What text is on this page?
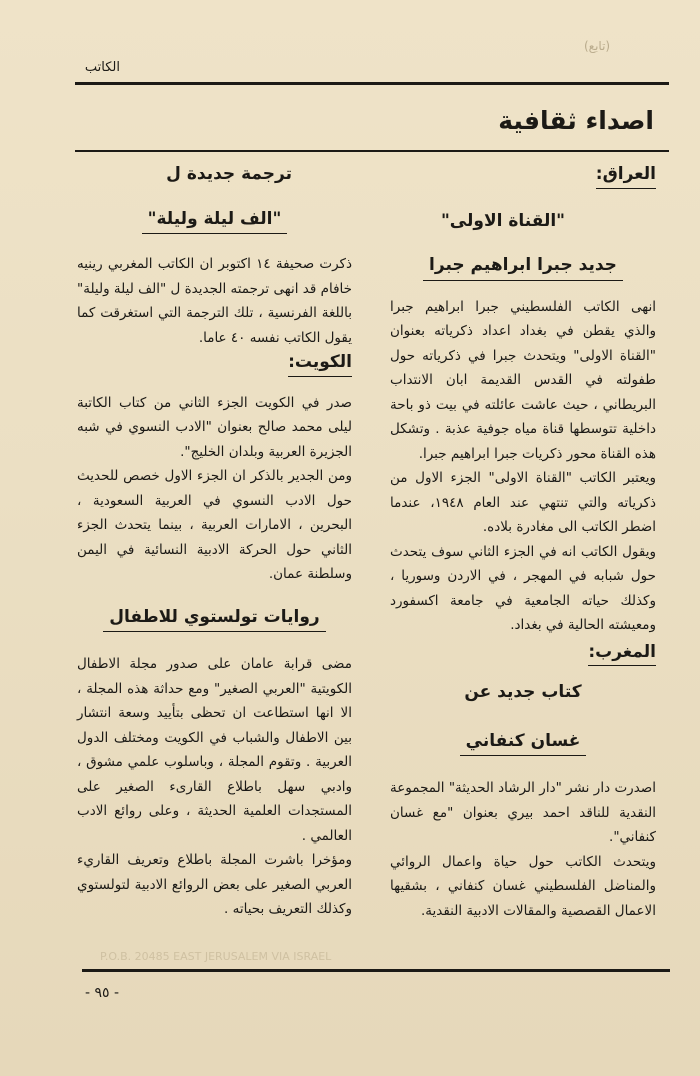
(تابع)
الكاتب
اصداء ثقافية
العراق:
"القناة الاولى"
جديد جبرا ابراهيم جبرا

انهى الكاتب الفلسطيني جبرا ابراهيم جبرا والذي يقطن في بغداد اعداد ذكرياته بعنوان "القناة الاولى" ويتحدث جبرا في ذكرياته حول طفولته في القدس القديمة ابان الانتداب البريطاني ، حيث عاشت عائلته في بيت ذو باحة داخلية تتوسطها قناة مياه جوفية عذبة . وتشكل هذه القناة محور ذكريات جبرا ابراهيم جبرا.

ويعتبر الكاتب "القناة الاولى" الجزء الاول من ذكرياته والتي تنتهي عند العام ١٩٤٨، عندما اضطر الكاتب الى مغادرة بلاده.

ويقول الكاتب انه في الجزء الثاني سوف يتحدث حول شبابه في المهجر ، في الاردن وسوريا ، وكذلك حياته الجامعية في جامعة اكسفورد ومعيشته الحالية في بغداد.

المغرب:
كتاب جديد عن
غسان كنفاني

اصدرت دار نشر "دار الرشاد الحديثة" المجموعة النقدية للناقد احمد بيري بعنوان "مع غسان كنفاني".

ويتحدث الكاتب حول حياة واعمال الروائي والمناضل الفلسطيني غسان كنفاني ، بشقيها الاعمال القصصية والمقالات الادبية النقدية.

ترجمة جديدة ل
"الف ليلة وليلة"

ذكرت صحيفة ١٤ اكتوبر ان الكاتب المغربي رينيه خافام قد انهى ترجمته الجديدة ل "الف ليلة وليلة" باللغة الفرنسية ، تلك الترجمة التي استغرقت كما يقول الكاتب نفسه ٤٠ عاما.

الكويت:

صدر في الكويت الجزء الثاني من كتاب الكاتبة ليلى محمد صالح بعنوان "الادب النسوي في شبه الجزيرة العربية وبلدان الخليج".

ومن الجدير بالذكر ان الجزء الاول خصص للحديث حول الادب النسوي في العربية السعودية ، البحرين ، الامارات العربية ، بينما يتحدث الجزء الثاني حول الحركة الادبية النسائية في اليمن وسلطنة عمان.

روايات تولستوي للاطفال

مضى قرابة عامان على صدور مجلة الاطفال الكويتية "العربي الصغير" ومع حداثة هذه المجلة ، الا انها استطاعت ان تحظى بتأييد وسعة انتشار بين الاطفال والشباب في الكويت ومختلف الدول العربية . وتقوم المجلة ، وباسلوب علمي مشوق ، وادبي سهل باطلاع القارىء الصغير على المستجدات العلمية الحديثة ، وعلى روائع الادب العالمي .

ومؤخرا باشرت المجلة باطلاع وتعريف القاريء العربي الصغير على بعض الروائع الادبية لتولستوي وكذلك التعريف بحياته .

P.O.B. 20485 EAST JERUSALEM VIA ISRAEL
- ٩٥ -
